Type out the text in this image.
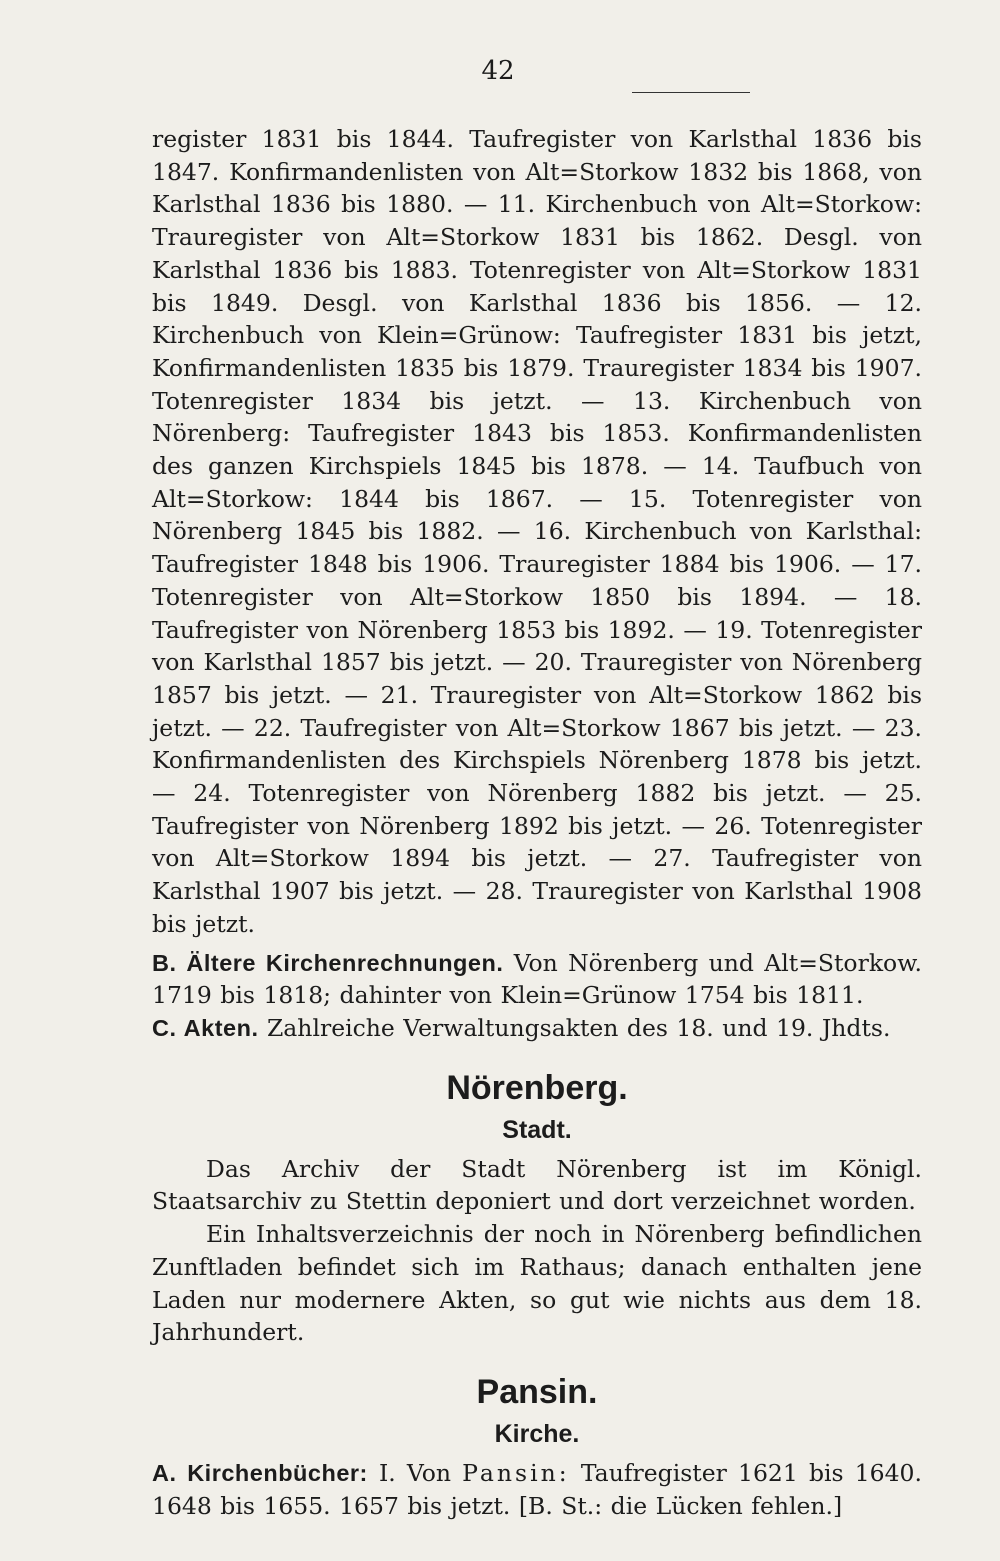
42

register 1831 bis 1844. Taufregister von Karlsthal 1836 bis 1847. Konfirmandenlisten von Alt=Storkow 1832 bis 1868, von Karlsthal 1836 bis 1880. — 11. Kirchenbuch von Alt=Storkow: Trauregister von Alt=Storkow 1831 bis 1862. Desgl. von Karlsthal 1836 bis 1883. Totenregister von Alt=Storkow 1831 bis 1849. Desgl. von Karlsthal 1836 bis 1856. — 12. Kirchenbuch von Klein=Grünow: Taufregister 1831 bis jetzt, Konfirmandenlisten 1835 bis 1879. Trauregister 1834 bis 1907. Totenregister 1834 bis jetzt. — 13. Kirchenbuch von Nörenberg: Taufregister 1843 bis 1853. Konfirmandenlisten des ganzen Kirchspiels 1845 bis 1878. — 14. Taufbuch von Alt=Storkow: 1844 bis 1867. — 15. Totenregister von Nörenberg 1845 bis 1882. — 16. Kirchenbuch von Karlsthal: Taufregister 1848 bis 1906. Trauregister 1884 bis 1906. — 17. Totenregister von Alt=Storkow 1850 bis 1894. — 18. Taufregister von Nörenberg 1853 bis 1892. — 19. Totenregister von Karlsthal 1857 bis jetzt. — 20. Trauregister von Nörenberg 1857 bis jetzt. — 21. Trauregister von Alt=Storkow 1862 bis jetzt. — 22. Taufregister von Alt=Storkow 1867 bis jetzt. — 23. Konfirmandenlisten des Kirchspiels Nörenberg 1878 bis jetzt. — 24. Totenregister von Nörenberg 1882 bis jetzt. — 25. Taufregister von Nörenberg 1892 bis jetzt. — 26. Totenregister von Alt=Storkow 1894 bis jetzt. — 27. Taufregister von Karlsthal 1907 bis jetzt. — 28. Trauregister von Karlsthal 1908 bis jetzt.

B. Ältere Kirchenrechnungen. Von Nörenberg und Alt=Storkow. 1719 bis 1818; dahinter von Klein=Grünow 1754 bis 1811.

C. Akten. Zahlreiche Verwaltungsakten des 18. und 19. Jhdts.

Nörenberg.
Stadt.

Das Archiv der Stadt Nörenberg ist im Königl. Staatsarchiv zu Stettin deponiert und dort verzeichnet worden.

Ein Inhaltsverzeichnis der noch in Nörenberg befindlichen Zunftladen befindet sich im Rathaus; danach enthalten jene Laden nur modernere Akten, so gut wie nichts aus dem 18. Jahrhundert.

Pansin.
Kirche.

A. Kirchenbücher: I. Von Pansin: Taufregister 1621 bis 1640. 1648 bis 1655. 1657 bis jetzt. [B. St.: die Lücken fehlen.]
